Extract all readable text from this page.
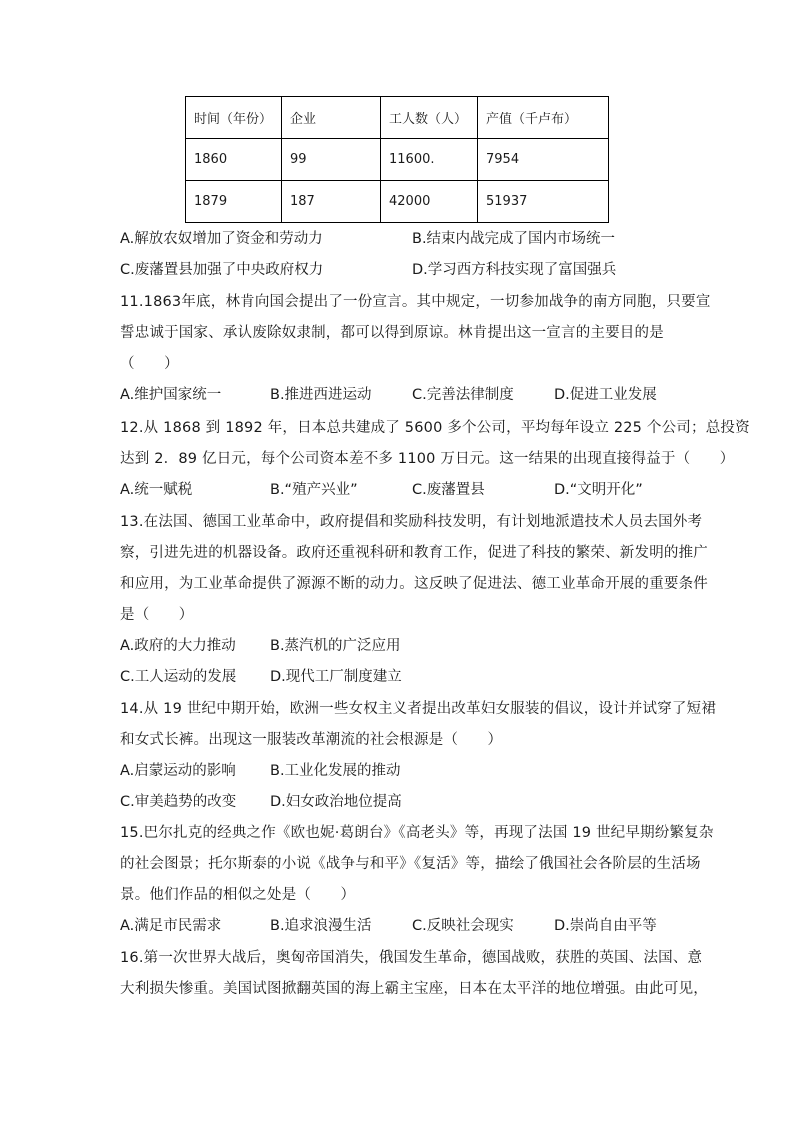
时间（年份）	企业	工人数（人）	产值（千卢布）
1860	99	11600.	7954
1879	187	42000	51937
A.解放农奴增加了资金和劳动力	B.结束内战完成了国内市场统一
C.废藩置县加强了中央政府权力	D.学习西方科技实现了富国强兵
11.1863年底，林肯向国会提出了一份宣言。其中规定，一切参加战争的南方同胞，只要宣
誓忠诚于国家、承认废除奴隶制，都可以得到原谅。林肯提出这一宣言的主要目的是
（　　）
A.维护国家统一	B.推进西进运动	C.完善法律制度	D.促进工业发展
12.从 1868 到 1892 年，日本总共建成了 5600 多个公司，平均每年设立 225 个公司；总投资
达到 2．89 亿日元，每个公司资本差不多 1100 万日元。这一结果的出现直接得益于（　　）
A.统一赋税	B.“殖产兴业”	C.废藩置县	D.“文明开化”
13.在法国、德国工业革命中，政府提倡和奖励科技发明，有计划地派遣技术人员去国外考
察，引进先进的机器设备。政府还重视科研和教育工作，促进了科技的繁荣、新发明的推广
和应用，为工业革命提供了源源不断的动力。这反映了促进法、德工业革命开展的重要条件
是（　　）
A.政府的大力推动 B.蒸汽机的广泛应用
C.工人运动的发展 D.现代工厂制度建立
14.从 19 世纪中期开始，欧洲一些女权主义者提出改革妇女服装的倡议，设计并试穿了短裙
和女式长裤。出现这一服装改革潮流的社会根源是（　　）
A.启蒙运动的影响 B.工业化发展的推动
C.审美趋势的改变 D.妇女政治地位提高
15.巴尔扎克的经典之作《欧也妮·葛朗台》《高老头》等，再现了法国 19 世纪早期纷繁复杂
的社会图景；托尔斯泰的小说《战争与和平》《复活》等，描绘了俄国社会各阶层的生活场
景。他们作品的相似之处是（　　）
A.满足市民需求	B.追求浪漫生活	C.反映社会现实	D.崇尚自由平等
16.第一次世界大战后，奥匈帝国消失，俄国发生革命，德国战败，获胜的英国、法国、意
大利损失惨重。美国试图掀翻英国的海上霸主宝座，日本在太平洋的地位增强。由此可见，
